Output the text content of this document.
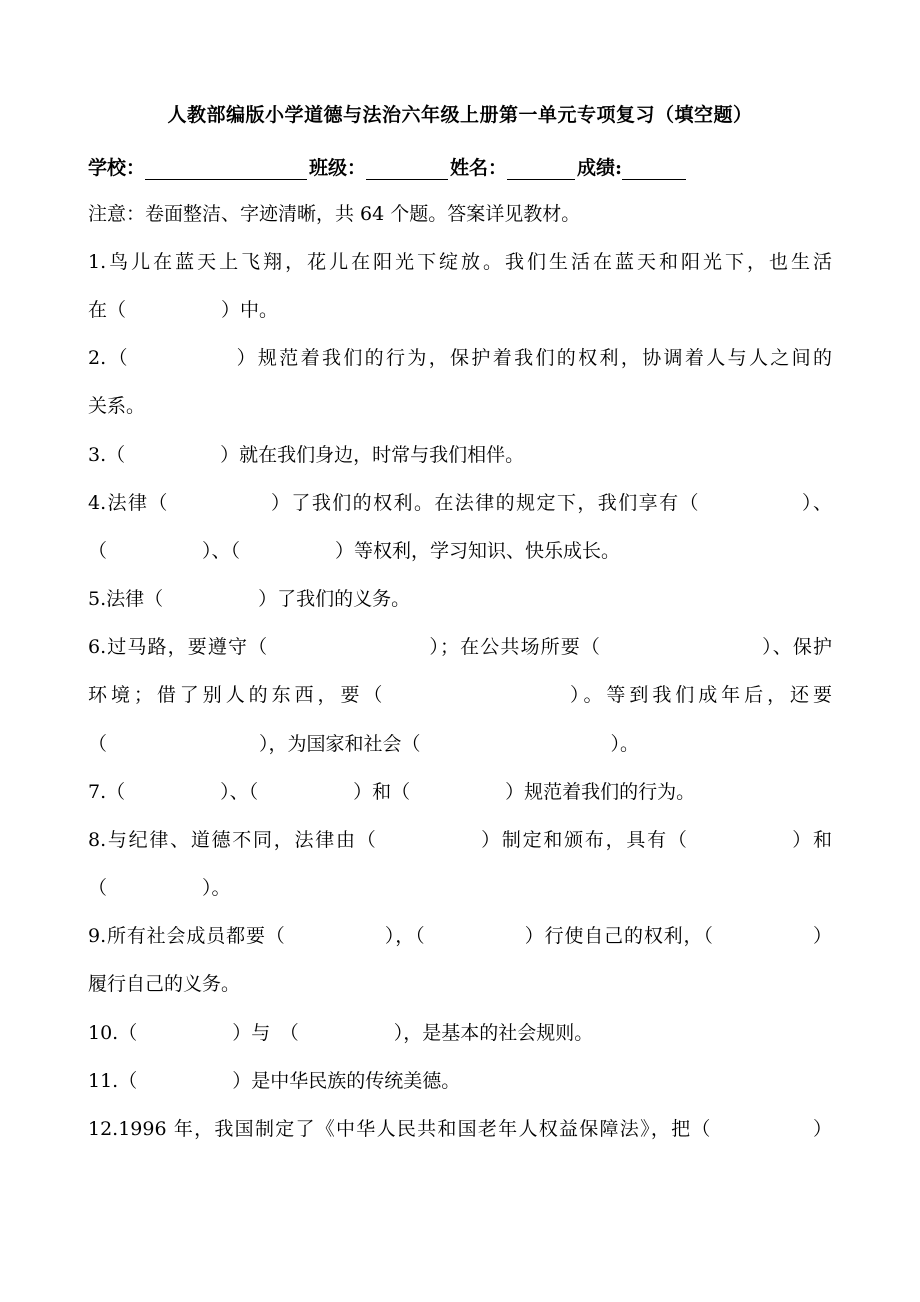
人教部编版小学道德与法治六年级上册第一单元专项复习（填空题）
学校：	班级：	姓名：	成绩:
注意：卷面整洁、字迹清晰，共 64 个题。答案详见教材。
1.鸟儿在蓝天上飞翔，花儿在阳光下绽放。我们生活在蓝天和阳光下，也生活
在（　　　　　）中。
2.（　　　　　）规范着我们的行为，保护着我们的权利，协调着人与人之间的
关系。
3.（　　　　　）就在我们身边，时常与我们相伴。
4.法律（　　　　　）了我们的权利。在法律的规定下，我们享有（　　　　　）、
（　　　　　）、（　　　　　）等权利，学习知识、快乐成长。
5.法律（　　　　　）了我们的义务。
6.过马路，要遵守（　　　　　　　　）；在公共场所要（　　　　　　　　）、保护
环境；借了别人的东西，要（　　　　　　　　）。等到我们成年后，还要
（　　　　　　　　），为国家和社会（　　　　　　　　　　）。
7.（　　　　　）、（　　　　　）和（　　　　　）规范着我们的行为。
8.与纪律、道德不同，法律由（　　　　　）制定和颁布，具有（　　　　　）和
（　　　　　）。
9.所有社会成员都要（　　　　　），（　　　　　）行使自己的权利，（　　　　　）
履行自己的义务。
10.（　　　　　）与　（　　　　　），是基本的社会规则。
11.（　　　　　）是中华民族的传统美德。
12.1996 年，我国制定了《中华人民共和国老年人权益保障法》，把（　　　　　）
